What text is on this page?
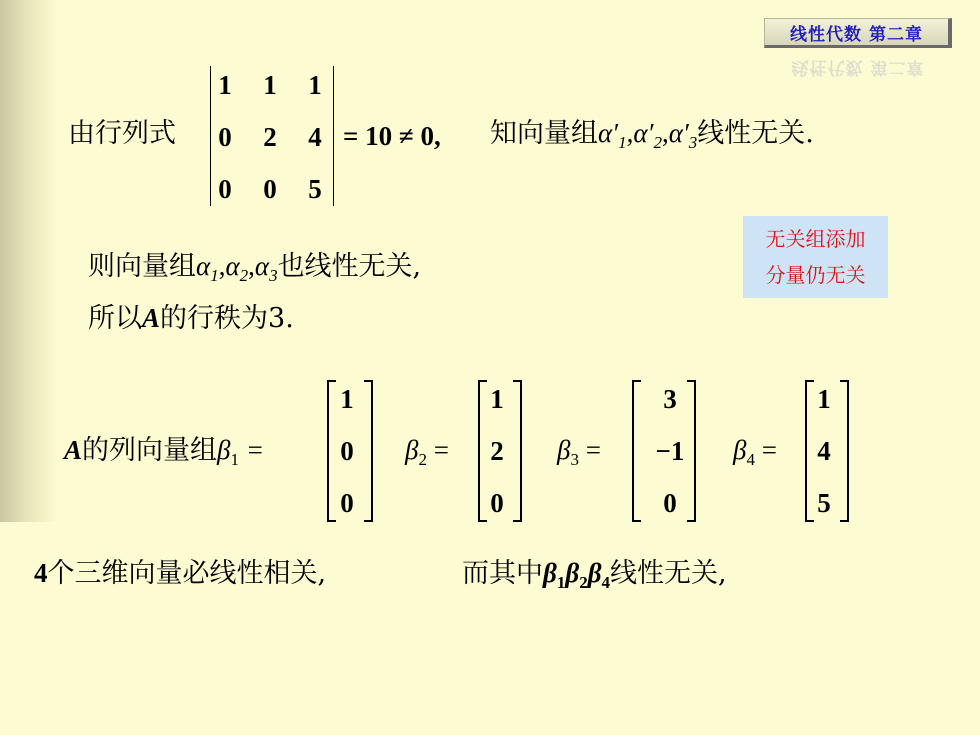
线性代数 第二章
线性代数 第二章
由行列式
1	1	1
0	2	4
0	0	5
= 10 ≠ 0, 知向量组$\alpha'_1,\alpha'_2,\alpha'_3$线性无关.
无关组添加
分量仍无关
则向量组$\alpha_1,\alpha_2,\alpha_3$也线性无关,
所以A的行秩为3.
A的列向量组$\beta_1$ =
1
0
0
$\beta_2$ =
1
2
0
$\beta_3$ =
3
−1
0
$\beta_4$ =
1
4
5
4个三维向量必线性相关,	而其中$\beta_1\beta_2\beta_4$线性无关,
